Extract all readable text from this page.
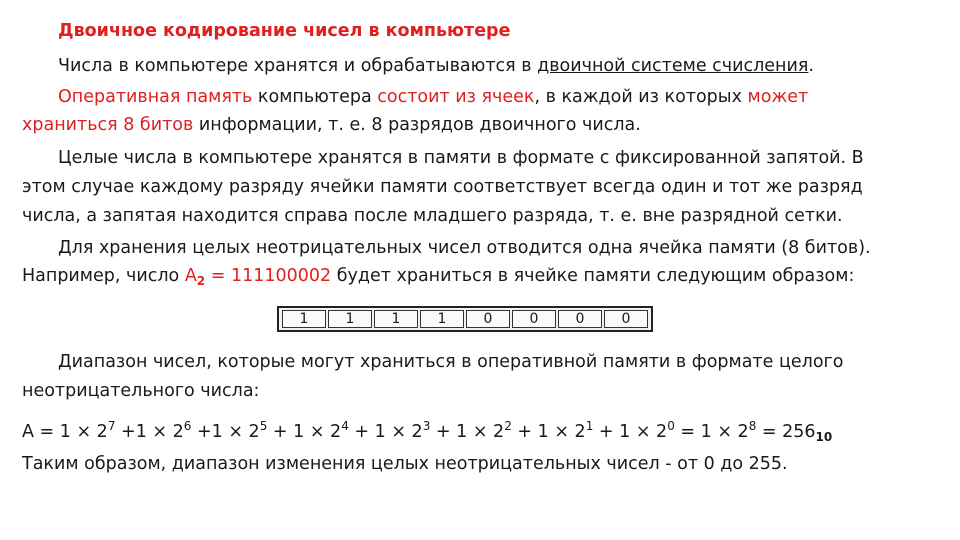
Двоичное кодирование чисел в компьютере
Числа в компьютере хранятся и обрабатываются в двоичной системе счисления.
Оперативная память компьютера состоит из ячеек, в каждой из которых может
храниться 8 битов информации, т. е. 8 разрядов двоичного числа.
Целые числа в компьютере хранятся в памяти в формате с фиксированной запятой. В
этом случае каждому разряду ячейки памяти соответствует всегда один и тот же разряд
числа, а запятая находится справа после младшего разряда, т. е. вне разрядной сетки.
Для хранения целых неотрицательных чисел отводится одна ячейка памяти (8 битов).
Например, число $A_2 = 111100002$ будет храниться в ячейке памяти следующим образом:
1	1	1	1	0	0	0	0
Диапазон чисел, которые могут храниться в оперативной памяти в формате целого
неотрицательного числа:
$A = 1 \times 2^7 +1 \times 2^6 +1 \times 2^5 + 1 \times 2^4 + 1 \times 2^3 + 1 \times 2^2 + 1 \times 2^1 + 1 \times 2^0 = 1 \times 2^8 = 256_{10}$
Таким образом, диапазон изменения целых неотрицательных чисел - от 0 до 255.
